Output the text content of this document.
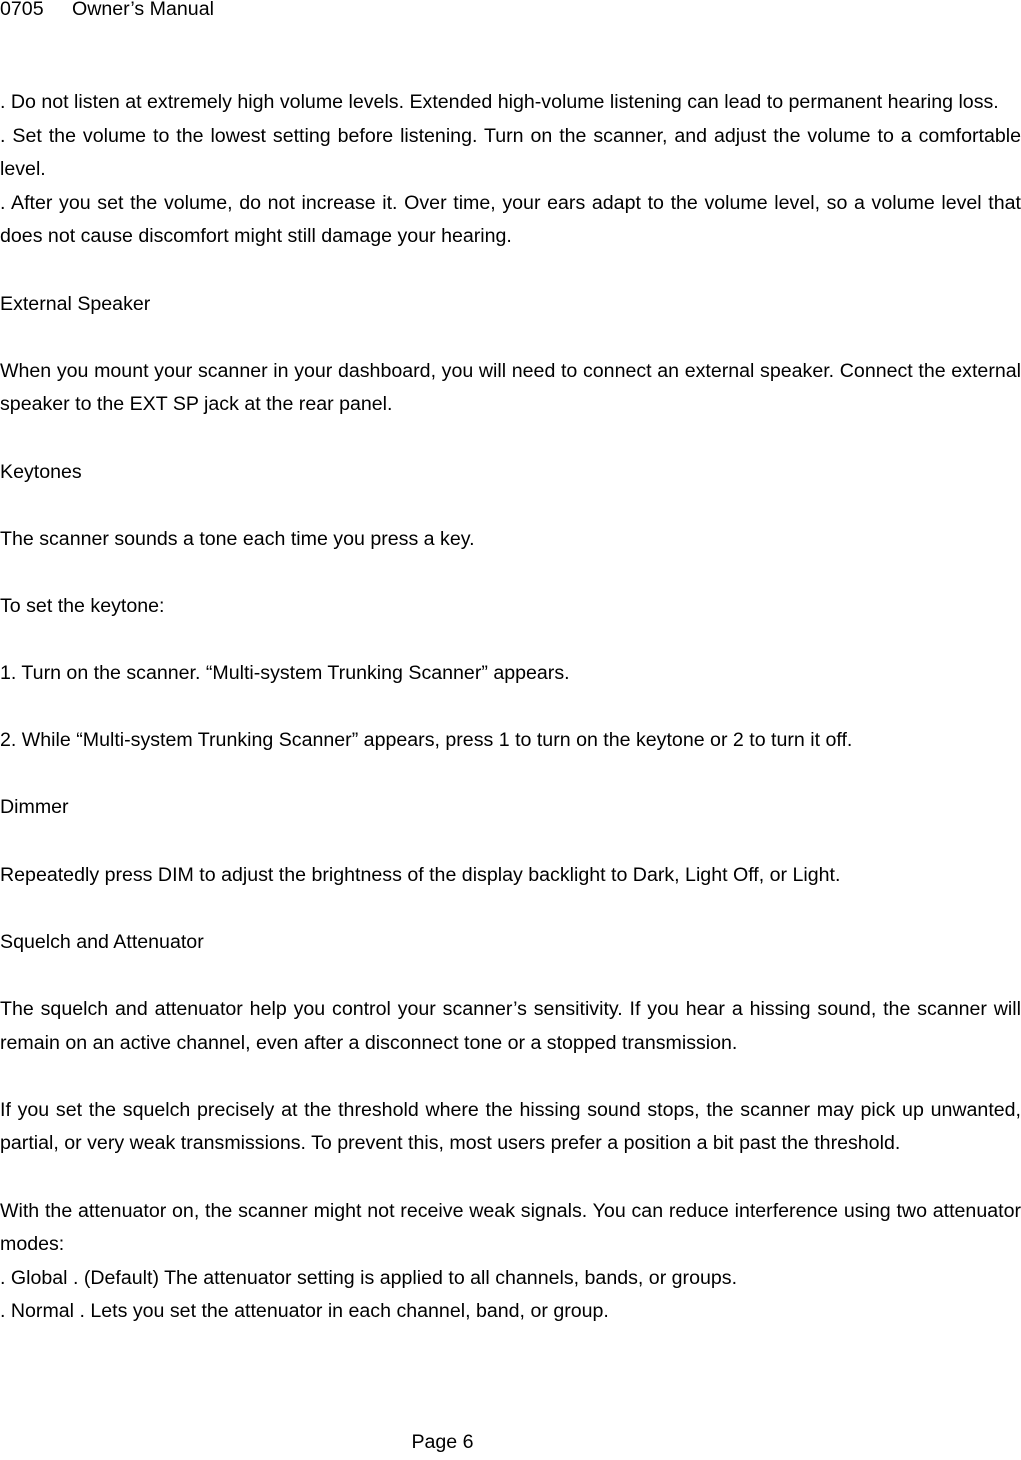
0705 Owner’s Manual

. Do not listen at extremely high volume levels. Extended high-volume listening can lead to permanent hearing loss.

. Set the volume to the lowest setting before listening. Turn on the scanner, and adjust the volume to a comfortable level.

. After you set the volume, do not increase it. Over time, your ears adapt to the volume level, so a volume level that does not cause discomfort might still damage your hearing.

External Speaker

When you mount your scanner in your dashboard, you will need to connect an external speaker. Connect the external speaker to the EXT SP jack at the rear panel.

Keytones

The scanner sounds a tone each time you press a key.

To set the keytone:

1. Turn on the scanner. “Multi-system Trunking Scanner” appears.

2. While “Multi-system Trunking Scanner” appears, press 1 to turn on the keytone or 2 to turn it off.

Dimmer

Repeatedly press DIM to adjust the brightness of the display backlight to Dark, Light Off, or Light.

Squelch and Attenuator

The squelch and attenuator help you control your scanner’s sensitivity. If you hear a hissing sound, the scanner will remain on an active channel, even after a disconnect tone or a stopped transmission.

If you set the squelch precisely at the threshold where the hissing sound stops, the scanner may pick up unwanted, partial, or very weak transmissions. To prevent this, most users prefer a position a bit past the threshold.

With the attenuator on, the scanner might not receive weak signals. You can reduce interference using two attenuator modes:

. Global . (Default) The attenuator setting is applied to all channels, bands, or groups.

. Normal . Lets you set the attenuator in each channel, band, or group.

Page 6
